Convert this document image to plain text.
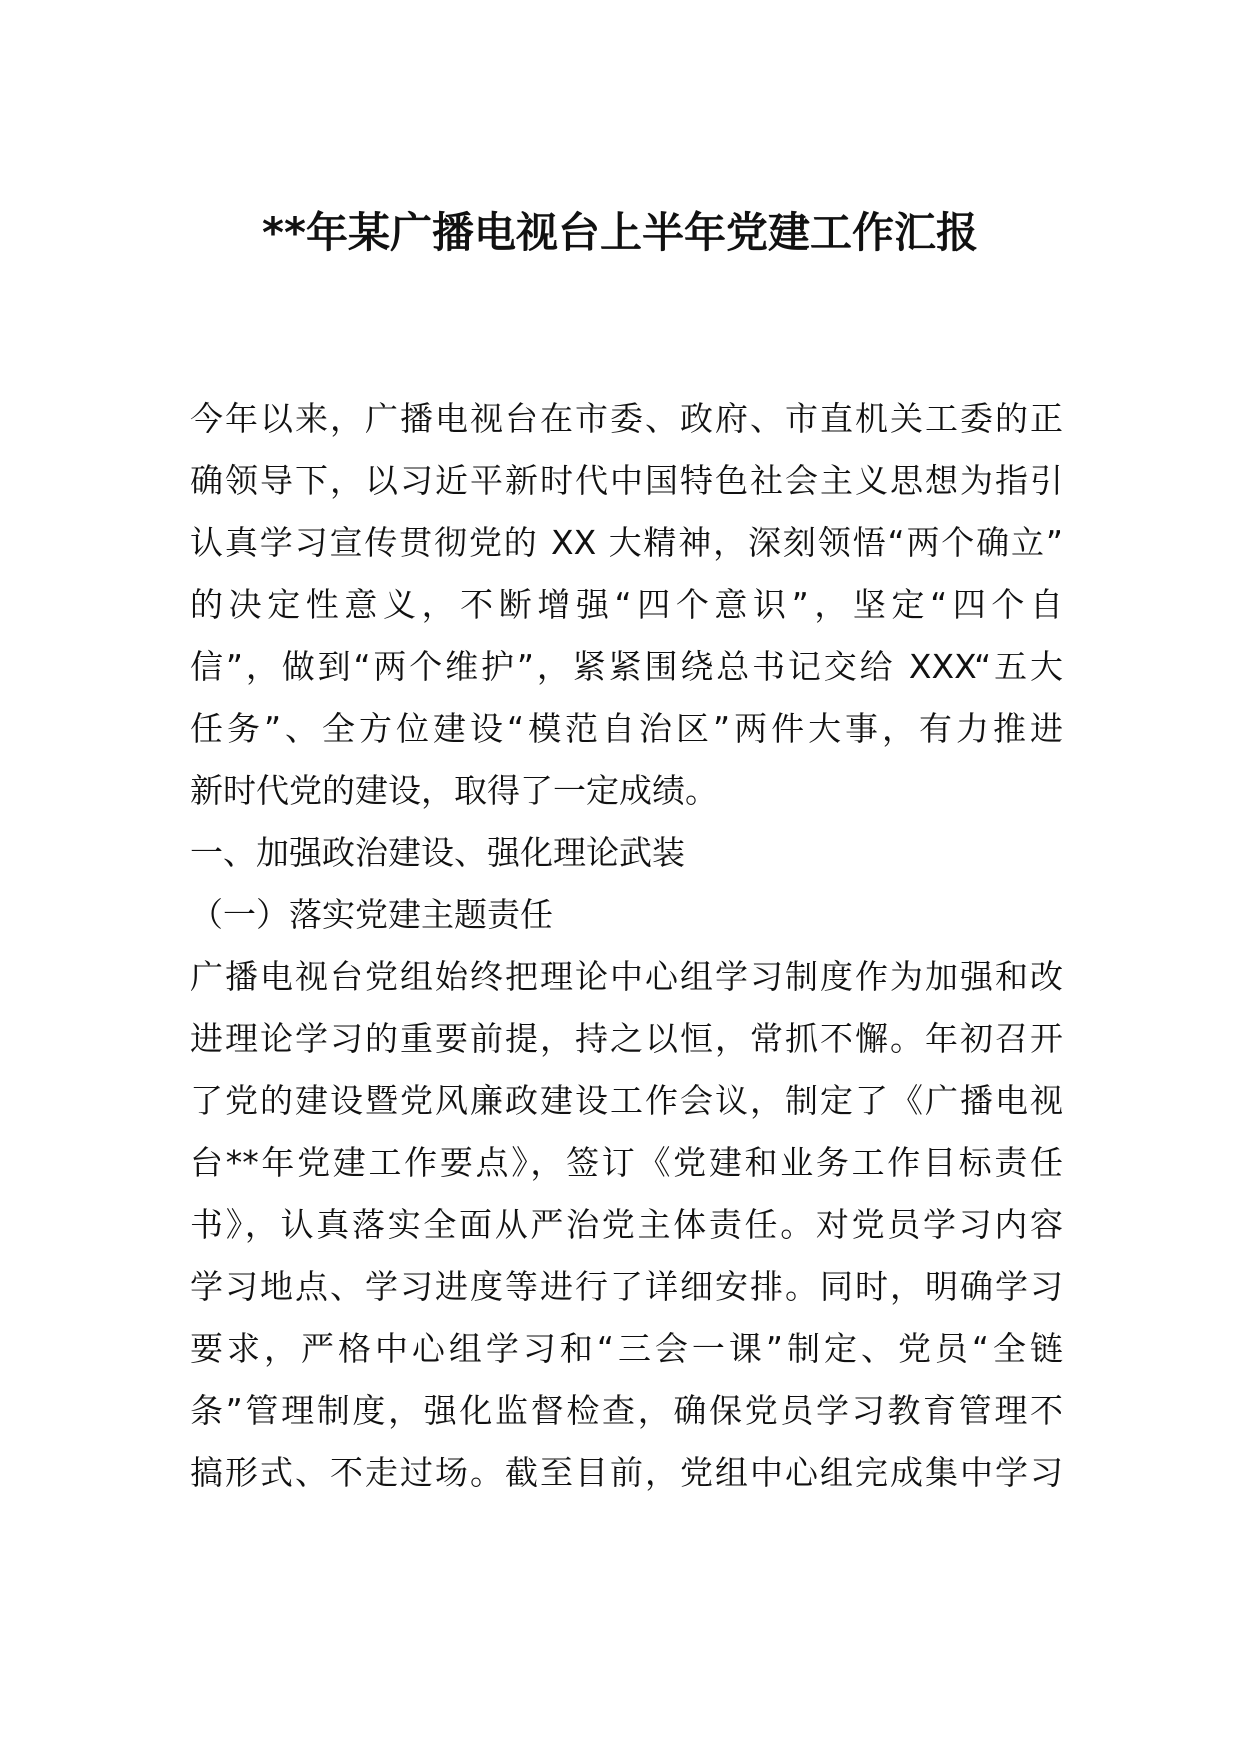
**年某广播电视台上半年党建工作汇报
今年以来，广播电视台在市委、政府、市直机关工委的正
确领导下，以习近平新时代中国特色社会主义思想为指引
认真学习宣传贯彻党的 XX 大精神，深刻领悟“两个确立”
的决定性意义，不断增强“四个意识”，坚定“四个自
信”，做到“两个维护”，紧紧围绕总书记交给 XXX“五大
任务”、全方位建设“模范自治区”两件大事，有力推进
新时代党的建设，取得了一定成绩。
一、加强政治建设、强化理论武装
（一）落实党建主题责任
广播电视台党组始终把理论中心组学习制度作为加强和改
进理论学习的重要前提，持之以恒，常抓不懈。年初召开
了党的建设暨党风廉政建设工作会议，制定了《广播电视
台**年党建工作要点》，签订《党建和业务工作目标责任
书》，认真落实全面从严治党主体责任。对党员学习内容
学习地点、学习进度等进行了详细安排。同时，明确学习
要求，严格中心组学习和“三会一课”制定、党员“全链
条”管理制度，强化监督检查，确保党员学习教育管理不
搞形式、不走过场。截至目前，党组中心组完成集中学习
